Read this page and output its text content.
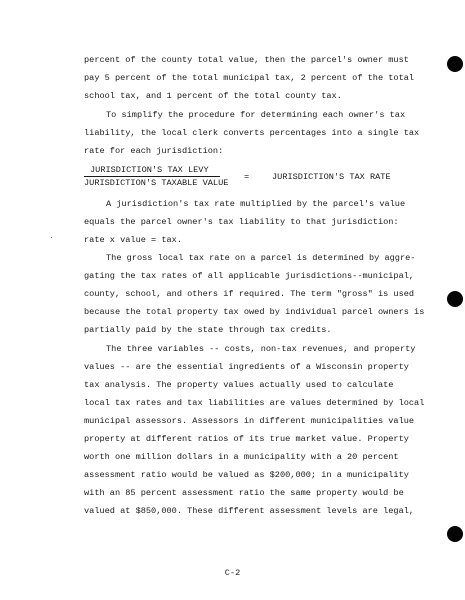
percent of the county total value, then the parcel's owner must
pay 5 percent of the total municipal tax, 2 percent of the total
school tax, and 1 percent of the total county tax.
To simplify the procedure for determining each owner's tax
liability, the local clerk converts percentages into a single tax
rate for each jurisdiction:
JURISDICTION'S TAX LEVY
JURISDICTION'S TAXABLE VALUE
=	JURISDICTION'S TAX RATE
A jurisdiction's tax rate multiplied by the parcel's value
equals the parcel owner's tax liability to that jurisdiction:
rate x value = tax.
The gross local tax rate on a parcel is determined by aggre-
gating the tax rates of all applicable jurisdictions--municipal,
county, school, and others if required. The term "gross" is used
because the total property tax owed by individual parcel owners is
partially paid by the state through tax credits.
The three variables -- costs, non-tax revenues, and property
values -- are the essential ingredients of a Wisconsin property
tax analysis. The property values actually used to calculate
local tax rates and tax liabilities are values determined by local
municipal assessors. Assessors in different municipalities value
property at different ratios of its true market value. Property
worth one million dollars in a municipality with a 20 percent
assessment ratio would be valued as $200,000; in a municipality
with an 85 percent assessment ratio the same property would be
valued at $850,000. These different assessment levels are legal,
C-2
